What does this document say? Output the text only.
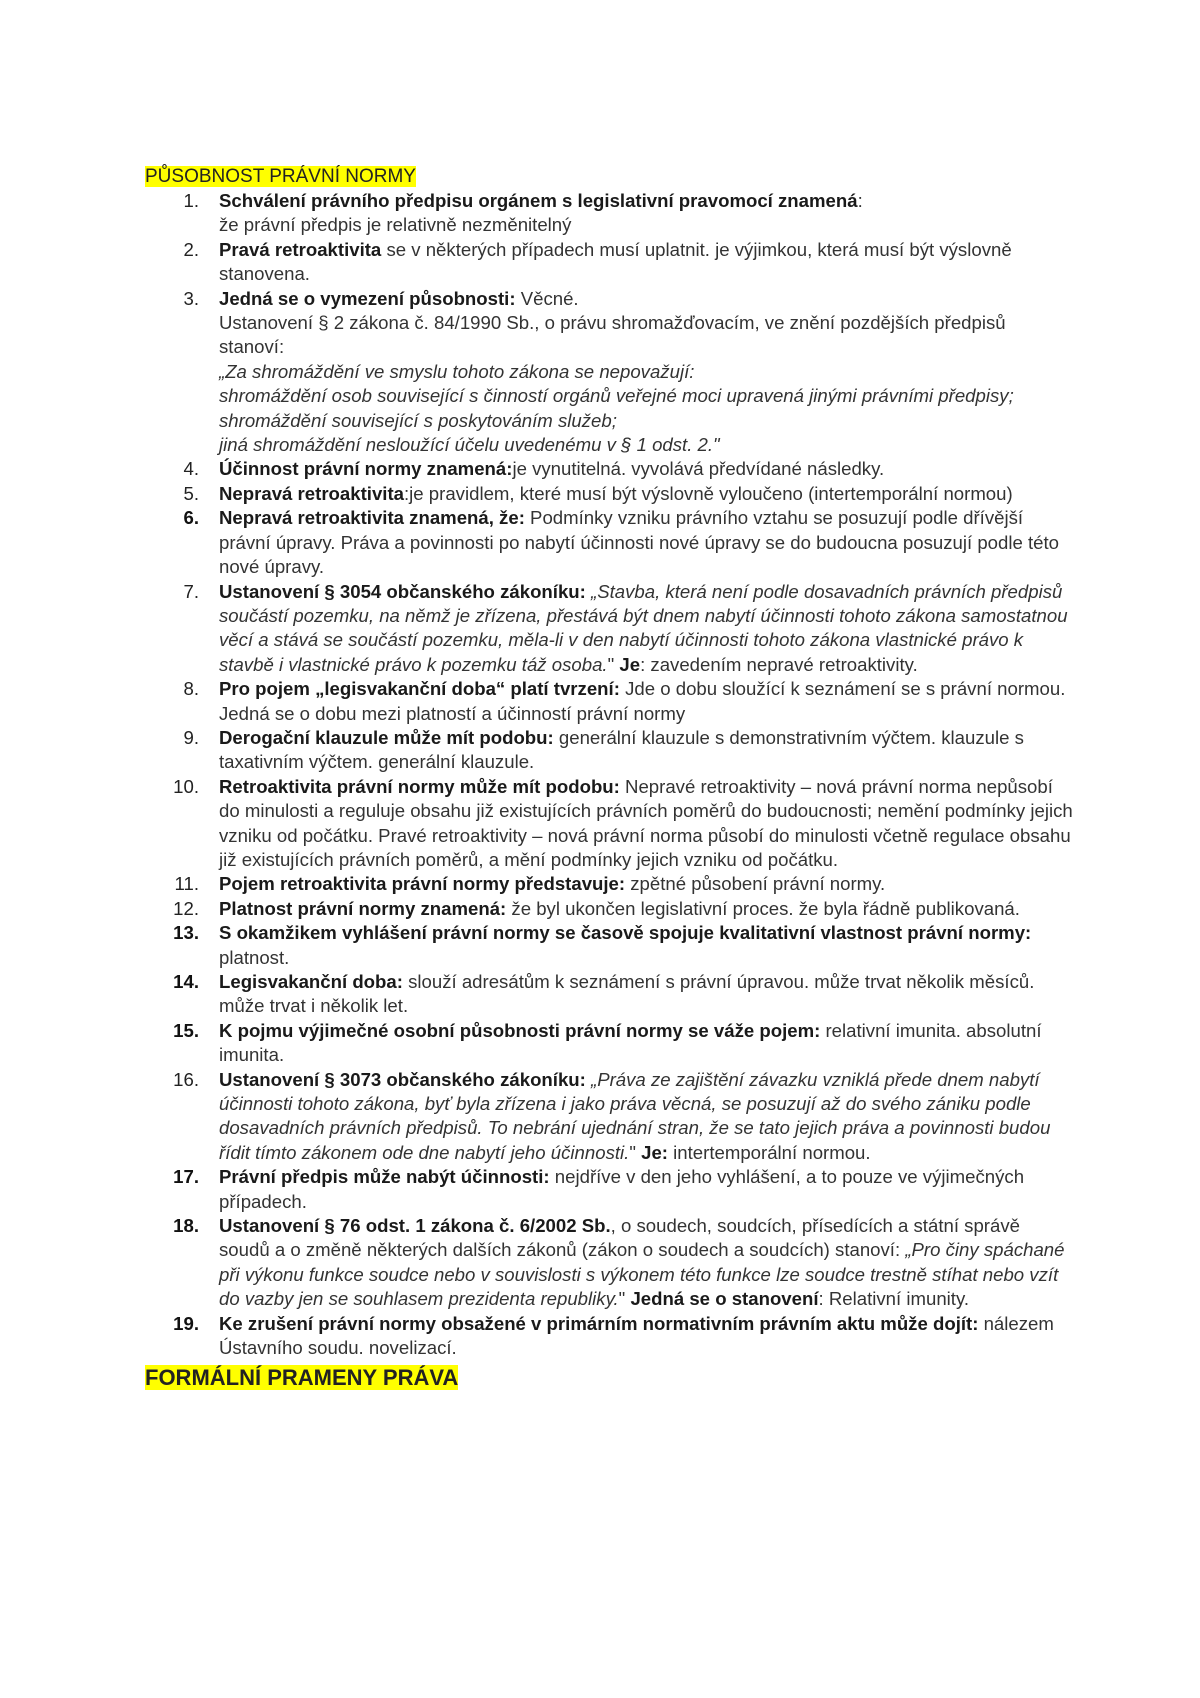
PŮSOBNOST PRÁVNÍ NORMY
1. Schválení právního předpisu orgánem s legislativní pravomocí znamená:
že právní předpis je relativně nezměnitelný
2. Pravá retroaktivita se v některých případech musí uplatnit. je výjimkou, která musí být výslovně stanovena.
3. Jedná se o vymezení působnosti: Věcné.
Ustanovení § 2 zákona č. 84/1990 Sb., o právu shromažďovacím, ve znění pozdějších předpisů stanoví:
„Za shromáždění ve smyslu tohoto zákona se nepovažují:
shromáždění osob související s činností orgánů veřejné moci upravená jinými právními předpisy;
shromáždění související s poskytováním služeb;
jiná shromáždění nesloužící účelu uvedenému v § 1 odst. 2."
4. Účinnost právní normy znamená:je vynutitelná. vyvolává předvídané následky.
5. Nepravá retroaktivita:je pravidlem, které musí být výslovně vyloučeno (intertemporální normou)
6. Nepravá retroaktivita znamená, že: Podmínky vzniku právního vztahu se posuzují podle dřívější právní úpravy. Práva a povinnosti po nabytí účinnosti nové úpravy se do budoucna posuzují podle této nové úpravy.
7. Ustanovení § 3054 občanského zákoníku: „Stavba, která není podle dosavadních právních předpisů součástí pozemku, na němž je zřízena, přestává být dnem nabytí účinnosti tohoto zákona samostatnou věcí a stává se součástí pozemku, měla-li v den nabytí účinnosti tohoto zákona vlastnické právo k stavbě i vlastnické právo k pozemku táž osoba." Je: zavedením nepravé retroaktivity.
8. Pro pojem „legisvakanční doba“ platí tvrzení: Jde o dobu sloužící k seznámení se s právní normou. Jedná se o dobu mezi platností a účinností právní normy
9. Derogační klauzule může mít podobu: generální klauzule s demonstrativním výčtem. klauzule s taxativním výčtem. generální klauzule.
10. Retroaktivita právní normy může mít podobu: Nepravé retroaktivity – nová právní norma nepůsobí do minulosti a reguluje obsahu již existujících právních poměrů do budoucnosti; nemění podmínky jejich vzniku od počátku. Pravé retroaktivity – nová právní norma působí do minulosti včetně regulace obsahu již existujících právních poměrů, a mění podmínky jejich vzniku od počátku.
11. Pojem retroaktivita právní normy představuje: zpětné působení právní normy.
12. Platnost právní normy znamená: že byl ukončen legislativní proces. že byla řádně publikovaná.
13. S okamžikem vyhlášení právní normy se časově spojuje kvalitativní vlastnost právní normy: platnost.
14. Legisvakanční doba: slouží adresátům k seznámení s právní úpravou. může trvat několik měsíců. může trvat i několik let.
15. K pojmu výjimečné osobní působnosti právní normy se váže pojem: relativní imunita. absolutní imunita.
16. Ustanovení § 3073 občanského zákoníku: „Práva ze zajištění závazku vzniklá přede dnem nabytí účinnosti tohoto zákona, byť byla zřízena i jako práva věcná, se posuzují až do svého zániku podle dosavadních právních předpisů. To nebrání ujednání stran, že se tato jejich práva a povinnosti budou řídit tímto zákonem ode dne nabytí jeho účinnosti." Je: intertemporální normou.
17. Právní předpis může nabýt účinnosti: nejdříve v den jeho vyhlášení, a to pouze ve výjimečných případech.
18. Ustanovení § 76 odst. 1 zákona č. 6/2002 Sb., o soudech, soudcích, přísedících a státní správě soudů a o změně některých dalších zákonů (zákon o soudech a soudcích) stanoví: „Pro činy spáchané při výkonu funkce soudce nebo v souvislosti s výkonem této funkce lze soudce trestně stíhat nebo vzít do vazby jen se souhlasem prezidenta republiky." Jedná se o stanovení: Relativní imunity.
19. Ke zrušení právní normy obsažené v primárním normativním právním aktu může dojít: nálezem Ústavního soudu. novelizací.
FORMÁLNÍ PRAMENY PRÁVA
